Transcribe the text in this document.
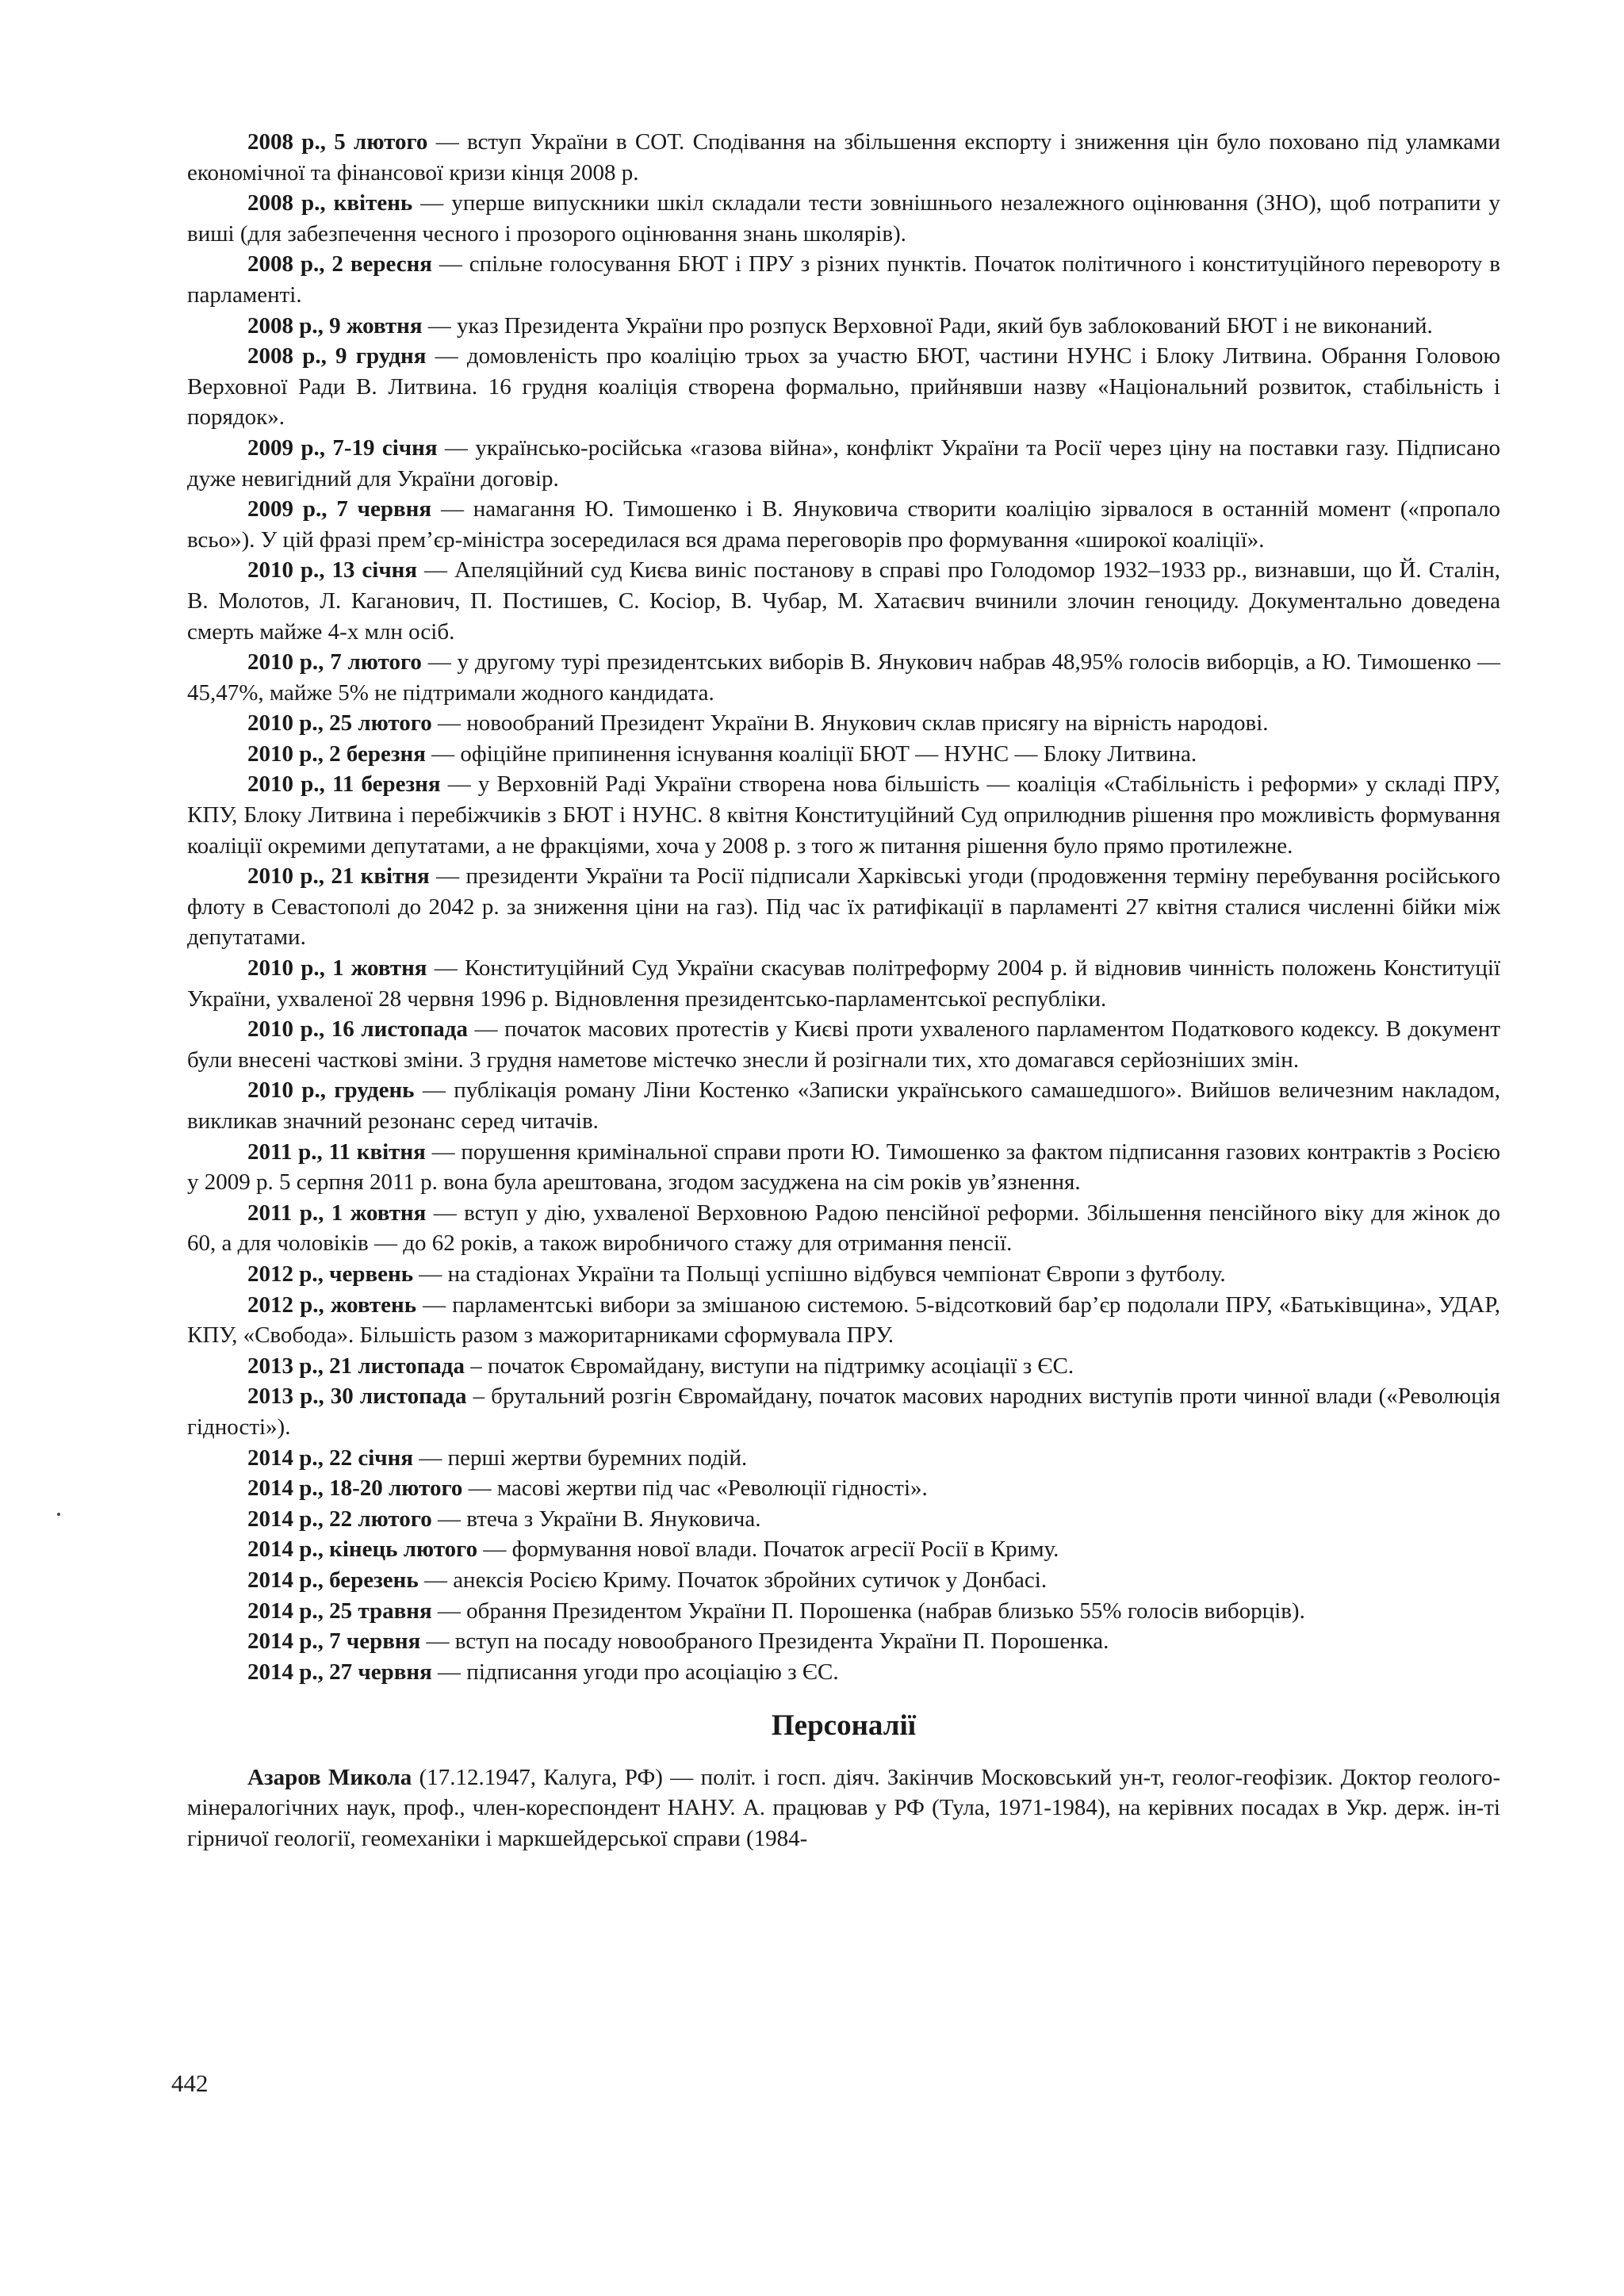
2008 р., 5 лютого — вступ України в СОТ. Сподівання на збільшення експорту і зниження цін було поховано під уламками економічної та фінансової кризи кінця 2008 р.

2008 р., квітень — уперше випускники шкіл складали тести зовнішнього незалежного оцінювання (ЗНО), щоб потрапити у виші (для забезпечення чесного і прозорого оцінювання знань школярів).

2008 р., 2 вересня — спільне голосування БЮТ і ПРУ з різних пунктів. Початок політичного і конституційного перевороту в парламенті.

2008 р., 9 жовтня — указ Президента України про розпуск Верховної Ради, який був заблокований БЮТ і не виконаний.

2008 р., 9 грудня — домовленість про коаліцію трьох за участю БЮТ, частини НУНС і Блоку Литвина. Обрання Головою Верховної Ради В. Литвина. 16 грудня коаліція створена формально, прийнявши назву «Національний розвиток, стабільність і порядок».

2009 р., 7-19 січня — українсько-російська «газова війна», конфлікт України та Росії через ціну на поставки газу. Підписано дуже невигідний для України договір.

2009 р., 7 червня — намагання Ю. Тимошенко і В. Януковича створити коаліцію зірвалося в останній момент («пропало всьо»). У цій фразі прем’єр-міністра зосередилася вся драма переговорів про формування «широкої коаліції».

2010 р., 13 січня — Апеляційний суд Києва виніс постанову в справі про Голодомор 1932–1933 рр., визнавши, що Й. Сталін, В. Молотов, Л. Каганович, П. Постишев, С. Косіор, В. Чубар, М. Хатаєвич вчинили злочин геноциду. Документально доведена смерть майже 4-х млн осіб.

2010 р., 7 лютого — у другому турі президентських виборів В. Янукович набрав 48,95% голосів виборців, а Ю. Тимошенко — 45,47%, майже 5% не підтримали жодного кандидата.

2010 р., 25 лютого — новообраний Президент України В. Янукович склав присягу на вірність народові.

2010 р., 2 березня — офіційне припинення існування коаліції БЮТ — НУНС — Блоку Литвина.

2010 р., 11 березня — у Верховній Раді України створена нова більшість — коаліція «Стабільність і реформи» у складі ПРУ, КПУ, Блоку Литвина і перебіжчиків з БЮТ і НУНС. 8 квітня Конституційний Суд оприлюднив рішення про можливість формування коаліції окремими депутатами, а не фракціями, хоча у 2008 р. з того ж питання рішення було прямо протилежне.

2010 р., 21 квітня — президенти України та Росії підписали Харківські угоди (продовження терміну перебування російського флоту в Севастополі до 2042 р. за зниження ціни на газ). Під час їх ратифікації в парламенті 27 квітня сталися численні бійки між депутатами.

2010 р., 1 жовтня — Конституційний Суд України скасував політреформу 2004 р. й відновив чинність положень Конституції України, ухваленої 28 червня 1996 р. Відновлення президентсько-парламентської республіки.

2010 р., 16 листопада — початок масових протестів у Києві проти ухваленого парламентом Податкового кодексу. В документ були внесені часткові зміни. 3 грудня наметове містечко знесли й розігнали тих, хто домагався серйозніших змін.

2010 р., грудень — публікація роману Ліни Костенко «Записки українського самашедшого». Вийшов величезним накладом, викликав значний резонанс серед читачів.

2011 р., 11 квітня — порушення кримінальної справи проти Ю. Тимошенко за фактом підписання газових контрактів з Росією у 2009 р. 5 серпня 2011 р. вона була арештована, згодом засуджена на сім років ув’язнення.

2011 р., 1 жовтня — вступ у дію, ухваленої Верховною Радою пенсійної реформи. Збільшення пенсійного віку для жінок до 60, а для чоловіків — до 62 років, а також виробничого стажу для отримання пенсії.

2012 р., червень — на стадіонах України та Польщі успішно відбувся чемпіонат Європи з футболу.

2012 р., жовтень — парламентські вибори за змішаною системою. 5-відсотковий бар’єр подолали ПРУ, «Батьківщина», УДАР, КПУ, «Свобода». Більшість разом з мажоритарниками сформувала ПРУ.

2013 р., 21 листопада – початок Євромайдану, виступи на підтримку асоціації з ЄС.

2013 р., 30 листопада – брутальний розгін Євромайдану, початок масових народних виступів проти чинної влади («Революція гідності»).

2014 р., 22 січня — перші жертви буремних подій.

2014 р., 18-20 лютого — масові жертви під час «Революції гідності».

2014 р., 22 лютого — втеча з України В. Януковича.

2014 р., кінець лютого — формування нової влади. Початок агресії Росії в Криму.

2014 р., березень — анексія Росією Криму. Початок збройних сутичок у Донбасі.

2014 р., 25 травня — обрання Президентом України П. Порошенка (набрав близько 55% голосів виборців).

2014 р., 7 червня — вступ на посаду новообраного Президента України П. Порошенка.

2014 р., 27 червня — підписання угоди про асоціацію з ЄС.

Персоналії

Азаров Микола (17.12.1947, Калуга, РФ) — політ. і госп. діяч. Закінчив Московський ун-т, геолог-геофізик. Доктор геолого-мінералогічних наук, проф., член-кореспондент НАНУ. А. працював у РФ (Тула, 1971-1984), на керівних посадах в Укр. держ. ін-ті гірничої геології, геомеханіки і маркшейдерської справи (1984-

442
